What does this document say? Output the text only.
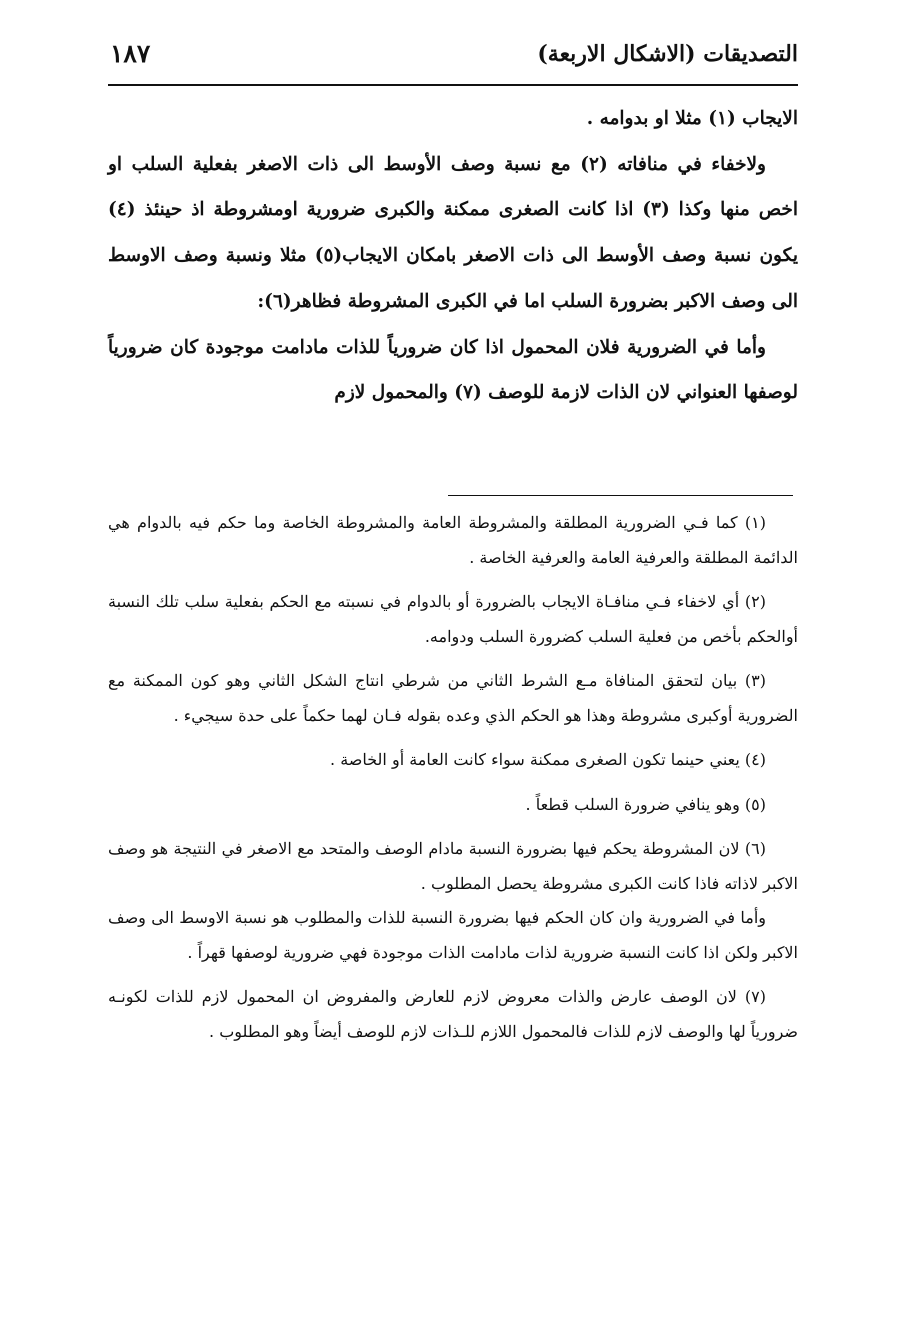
التصديقات (الاشكال الاربعة)
١٨٧

الايجاب (١) مثلا او بدوامه .

ولاخفاء في منافاته (٢) مع نسبة وصف الأوسط الى ذات الاصغر بفعلية السلب او اخص منها وكذا (٣) اذا كانت الصغرى ممكنة والكبرى ضرورية اومشروطة اذ حينئذ (٤) يكون نسبة وصف الأوسط الى ذات الاصغر بامكان الايجاب(٥) مثلا ونسبة وصف الاوسط الى وصف الاكبر بضرورة السلب اما في الكبرى المشروطة فظاهر(٦):

وأما في الضرورية فلان المحمول اذا كان ضرورياً للذات مادامت موجودة كان ضرورياً لوصفها العنواني لان الذات لازمة للوصف (٧) والمحمول لازم

(١) كما فـي الضرورية المطلقة والمشروطة العامة والمشروطة الخاصة وما حكم فيه بالدوام هي الدائمة المطلقة والعرفية العامة والعرفية الخاصة .

(٢) أي لاخفاء فـي منافـاة الايجاب بالضرورة أو بالدوام في نسبته مع الحكم بفعلية سلب تلك النسبة أوالحكم بأخص من فعلية السلب كضرورة السلب ودوامه.

(٣) بيان لتحقق المنافاة مـع الشرط الثاني من شرطي انتاج الشكل الثاني وهو كون الممكنة مع الضرورية أوكبرى مشروطة وهذا هو الحكم الذي وعده بقوله فـان لهما حكماً على حدة سيجيء .

(٤) يعني حينما تكون الصغرى ممكنة سواء كانت العامة أو الخاصة .

(٥) وهو ينافي ضرورة السلب قطعاً .

(٦) لان المشروطة يحكم فيها بضرورة النسبة مادام الوصف والمتحد مع الاصغر في النتيجة هو وصف الاكبر لاذاته فاذا كانت الكبرى مشروطة يحصل المطلوب .

وأما في الضرورية وان كان الحكم فيها بضرورة النسبة للذات والمطلوب هو نسبة الاوسط الى وصف الاكبر ولكن اذا كانت النسبة ضرورية لذات مادامت الذات موجودة فهي ضرورية لوصفها قهراً .

(٧) لان الوصف عارض والذات معروض لازم للعارض والمفروض ان المحمول لازم للذات لكونـه ضرورياً لها والوصف لازم للذات فالمحمول اللازم للـذات لازم للوصف أيضاً وهو المطلوب .
